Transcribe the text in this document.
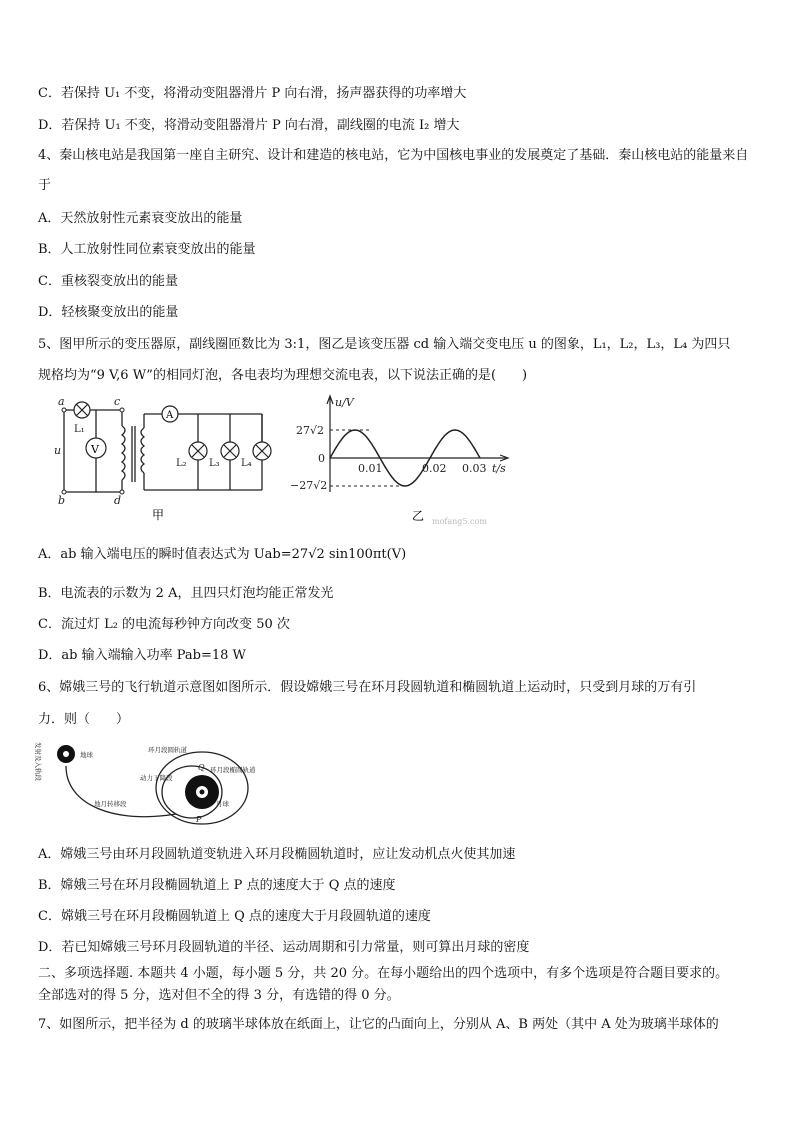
C．若保持 U₁ 不变，将滑动变阻器滑片 P 向右滑，扬声器获得的功率增大
D．若保持 U₁ 不变，将滑动变阻器滑片 P 向右滑，副线圈的电流 I₂ 增大
4、秦山核电站是我国第一座自主研究、设计和建造的核电站，它为中国核电事业的发展奠定了基础．秦山核电站的能量来自于
A．天然放射性元素衰变放出的能量
B．人工放射性同位素衰变放出的能量
C．重核裂变放出的能量
D．轻核聚变放出的能量
5、图甲所示的变压器原，副线圈匝数比为 3:1，图乙是该变压器 cd 输入端交变电压 u 的图象，L₁，L₂，L₃，L₄ 为四只
规格均为“9 V,6 W”的相同灯泡，各电表均为理想交流电表，以下说法正确的是(　　)
V
A
a
b
c
d
u
L₁
L₂ L₃ L₄
甲
u/V
27√2
0
−27√2
0.01	0.02 0.03 t/s
乙 mofang5.com
A．ab 输入端电压的瞬时值表达式为 Uab=27√2 sin100πt(V)
B．电流表的示数为 2 A，且四只灯泡均能正常发光
C．流过灯 L₂ 的电流每秒钟方向改变 50 次
D．ab 输入端输入功率 Pab=18 W
6、嫦娥三号的飞行轨道示意图如图所示．假设嫦娥三号在环月段圆轨道和椭圆轨道上运动时，只受到月球的万有引
力．则（　　）
发射及入轨段	地球
环月段圆轨道
环月段椭圆轨道
动力下降段
地月转移段	月球
Q
P
A．嫦娥三号由环月段圆轨道变轨进入环月段椭圆轨道时，应让发动机点火使其加速
B．嫦娥三号在环月段椭圆轨道上 P 点的速度大于 Q 点的速度
C．嫦娥三号在环月段椭圆轨道上 Q 点的速度大于月段圆轨道的速度
D．若已知嫦娥三号环月段圆轨道的半径、运动周期和引力常量，则可算出月球的密度
二、多项选择题. 本题共 4 小题，每小题 5 分，共 20 分。在每小题给出的四个选项中，有多个选项是符合题目要求的。
全部选对的得 5 分，选对但不全的得 3 分，有选错的得 0 分。
7、如图所示，把半径为 d 的玻璃半球体放在纸面上，让它的凸面向上，分别从 A、B 两处（其中 A 处为玻璃半球体的
